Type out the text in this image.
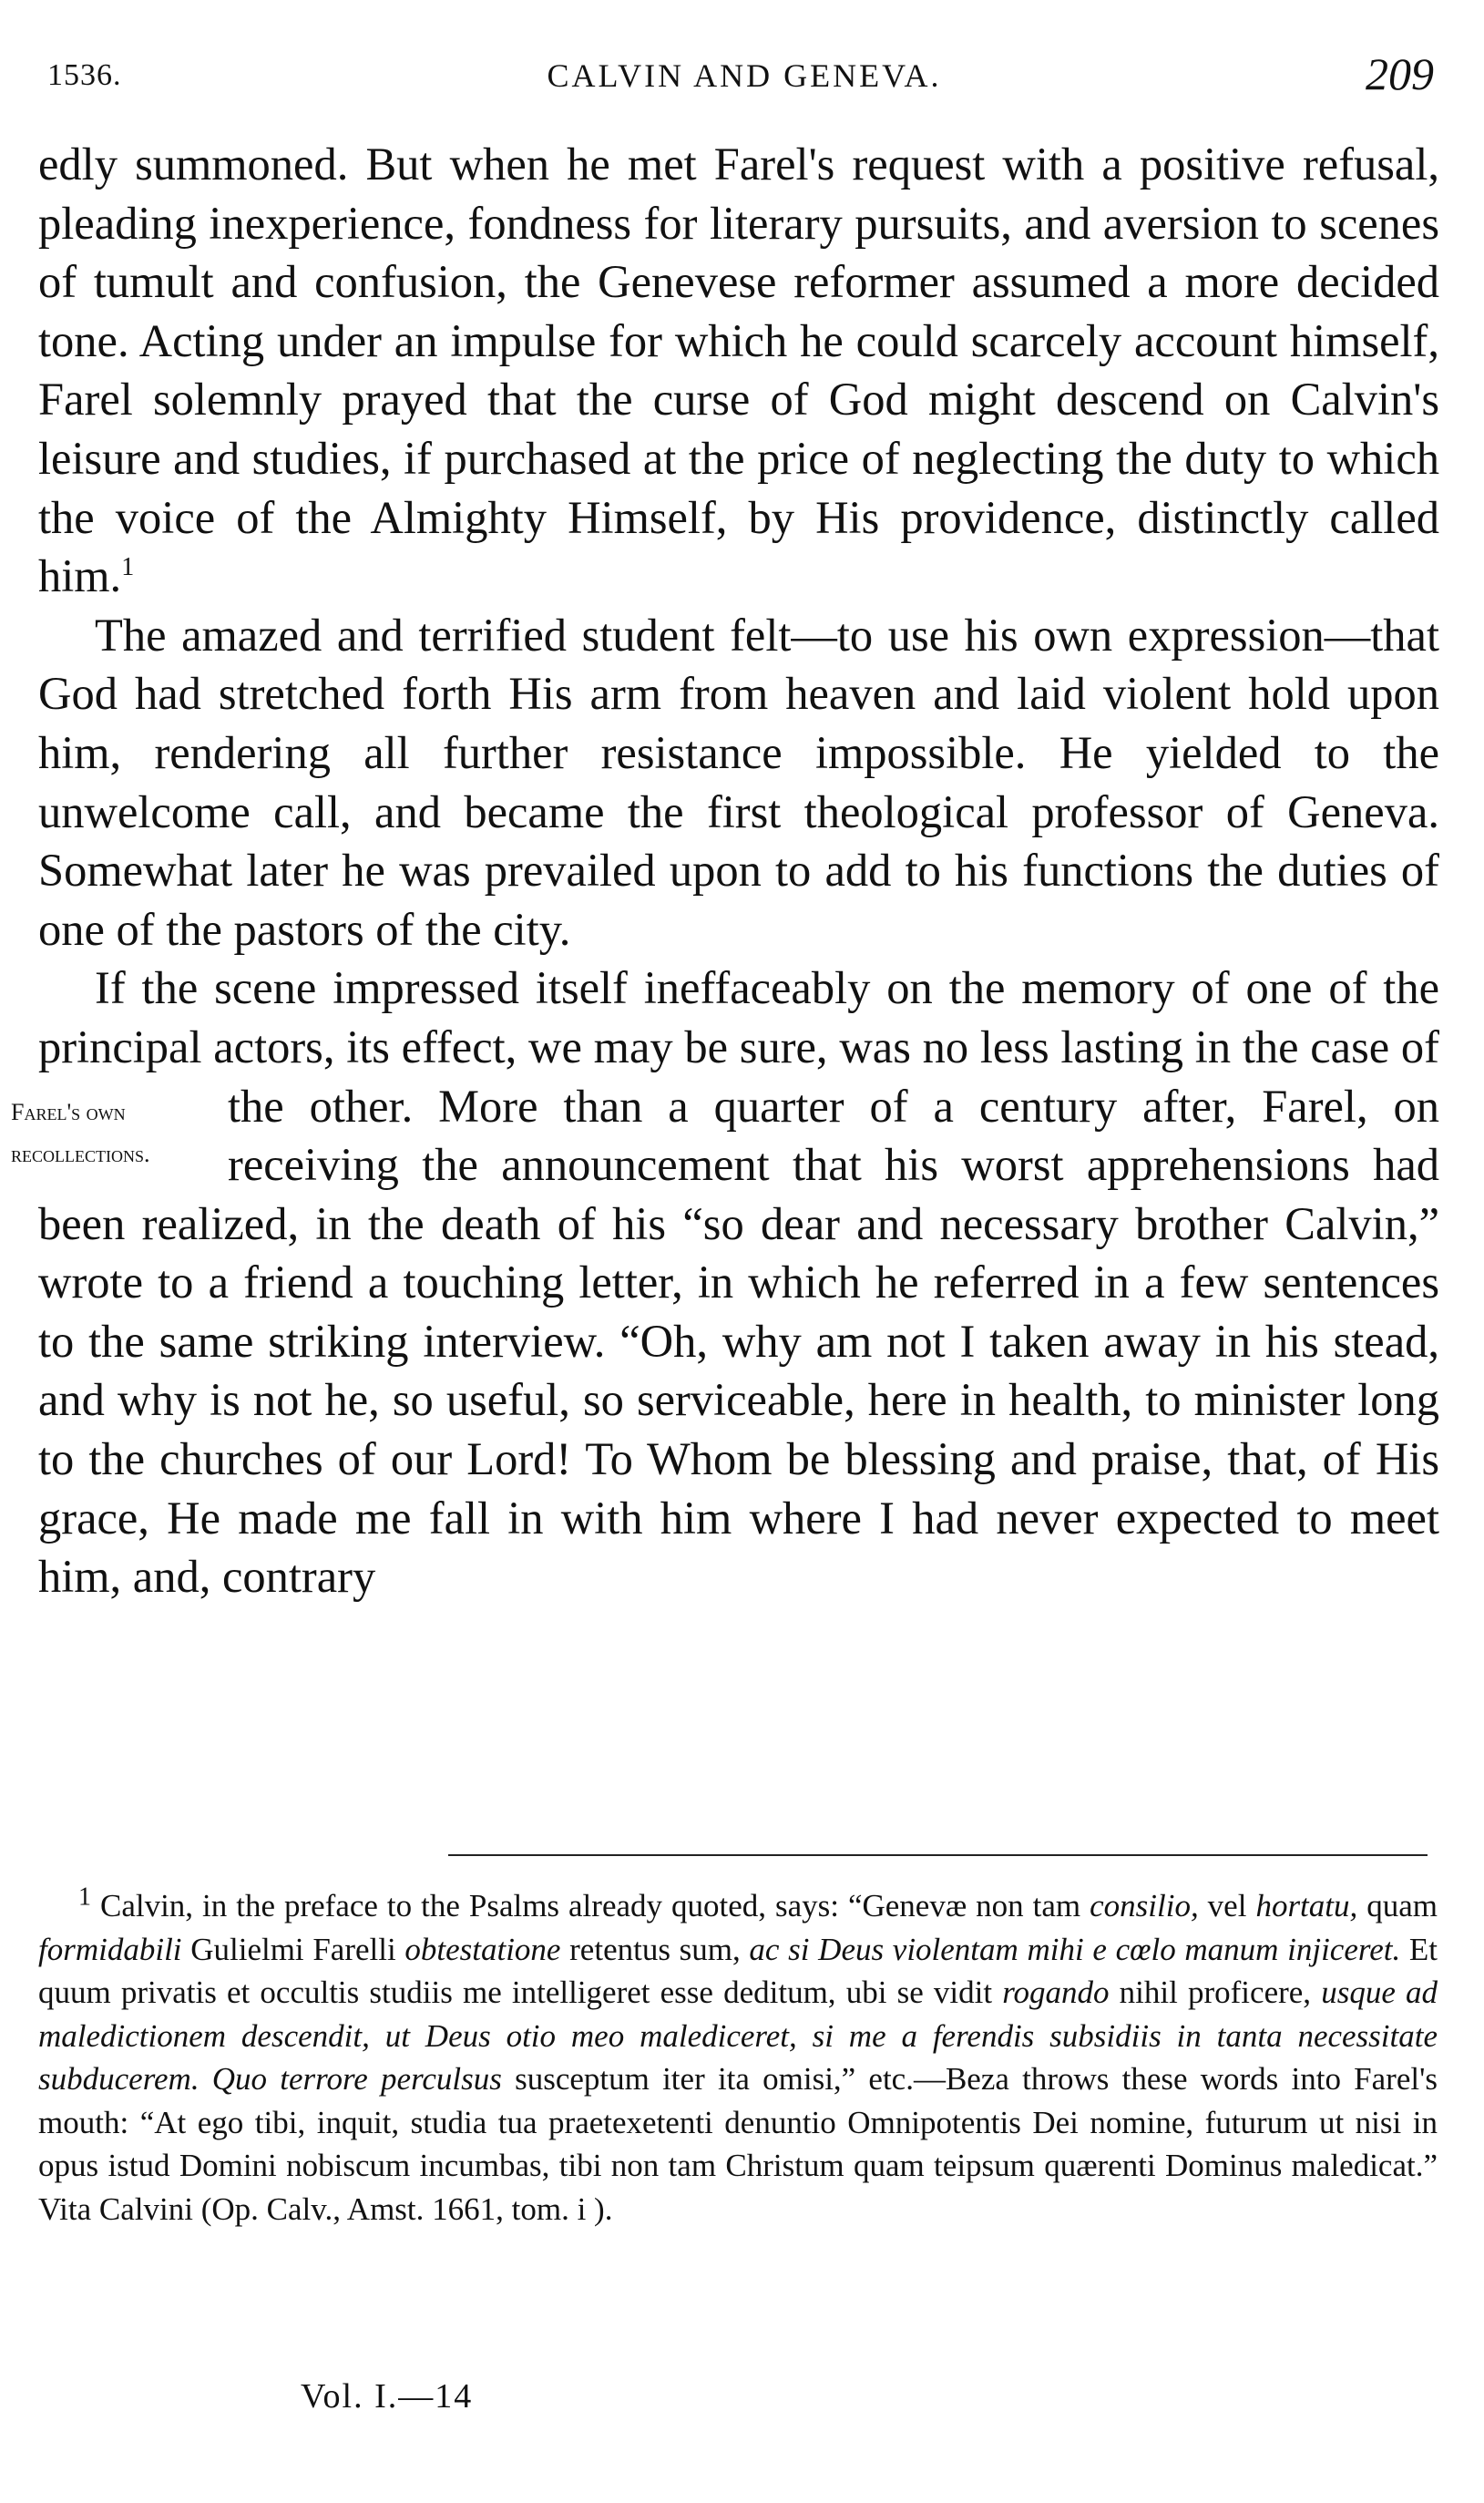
1536.	CALVIN AND GENEVA.	209

edly summoned. But when he met Farel's request with a positive refusal, pleading inexperience, fondness for literary pursuits, and aversion to scenes of tumult and confusion, the Genevese reformer assumed a more decided tone. Acting under an impulse for which he could scarcely account himself, Farel solemnly prayed that the curse of God might descend on Calvin's leisure and studies, if purchased at the price of neglecting the duty to which the voice of the Almighty Himself, by His providence, distinctly called him.$^1$

The amazed and terrified student felt—to use his own expression—that God had stretched forth His arm from heaven and laid violent hold upon him, rendering all further resistance impossible. He yielded to the unwelcome call, and became the first theological professor of Geneva. Somewhat later he was prevailed upon to add to his functions the duties of one of the pastors of the city.

If the scene impressed itself ineffaceably on the memory of one of the principal actors, its effect, we may be sure, was no less lasting in the case of the other. More than a quarter of a
Farel's own
recollections.
century after, Farel, on receiving the announcement that his worst apprehensions had been realized, in the death of his “so dear and necessary brother Calvin,” wrote to a friend a touching letter, in which he referred in a few sentences to the same striking interview. “Oh, why am not I taken away in his stead, and why is not he, so useful, so serviceable, here in health, to minister long to the churches of our Lord! To Whom be blessing and praise, that, of His grace, He made me fall in with him where I had never expected to meet him, and, contrary

$^1$ Calvin, in the preface to the Psalms already quoted, says: “Genevæ non tam consilio, vel hortatu, quam formidabili Gulielmi Farelli obtestatione retentus sum, ac si Deus violentam mihi e cœlo manum injiceret. Et quum privatis et occultis studiis me intelligeret esse deditum, ubi se vidit rogando nihil proficere, usque ad maledictionem descendit, ut Deus otio meo malediceret, si me a ferendis subsidiis in tanta necessitate subducerem. Quo terrore perculsus susceptum iter ita omisi,” etc.—Beza throws these words into Farel's mouth: “At ego tibi, inquit, studia tua praetexetenti denuntio Omnipotentis Dei nomine, futurum ut nisi in opus istud Domini nobiscum incumbas, tibi non tam Christum quam teipsum quærenti Dominus maledicat.” Vita Calvini (Op. Calv., Amst. 1661, tom. i ).

Vol. I.—14
